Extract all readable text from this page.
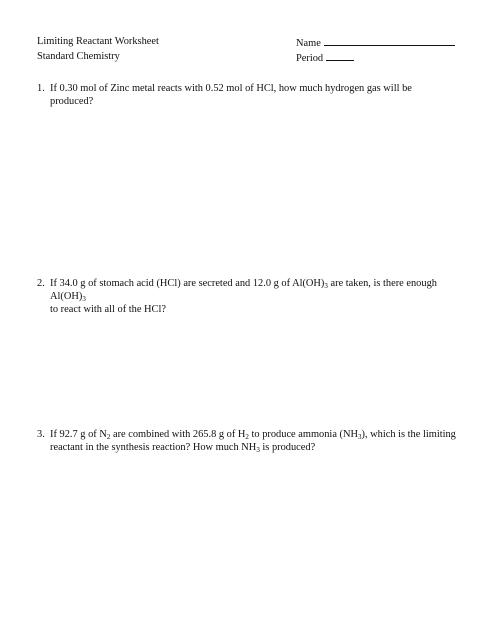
Limiting Reactant Worksheet
Standard Chemistry
Name
Period
1. If 0.30 mol of Zinc metal reacts with 0.52 mol of HCl, how much hydrogen gas will be produced?
2. If 34.0 g of stomach acid (HCl) are secreted and 12.0 g of $Al(OH)_3$ are taken, is there enough $Al(OH)_3$
to react with all of the HCl?
3. If 92.7 g of $N_2$ are combined with 265.8 g of $H_2$ to produce ammonia $(NH_3)$, which is the limiting
reactant in the synthesis reaction? How much $NH_3$ is produced?
